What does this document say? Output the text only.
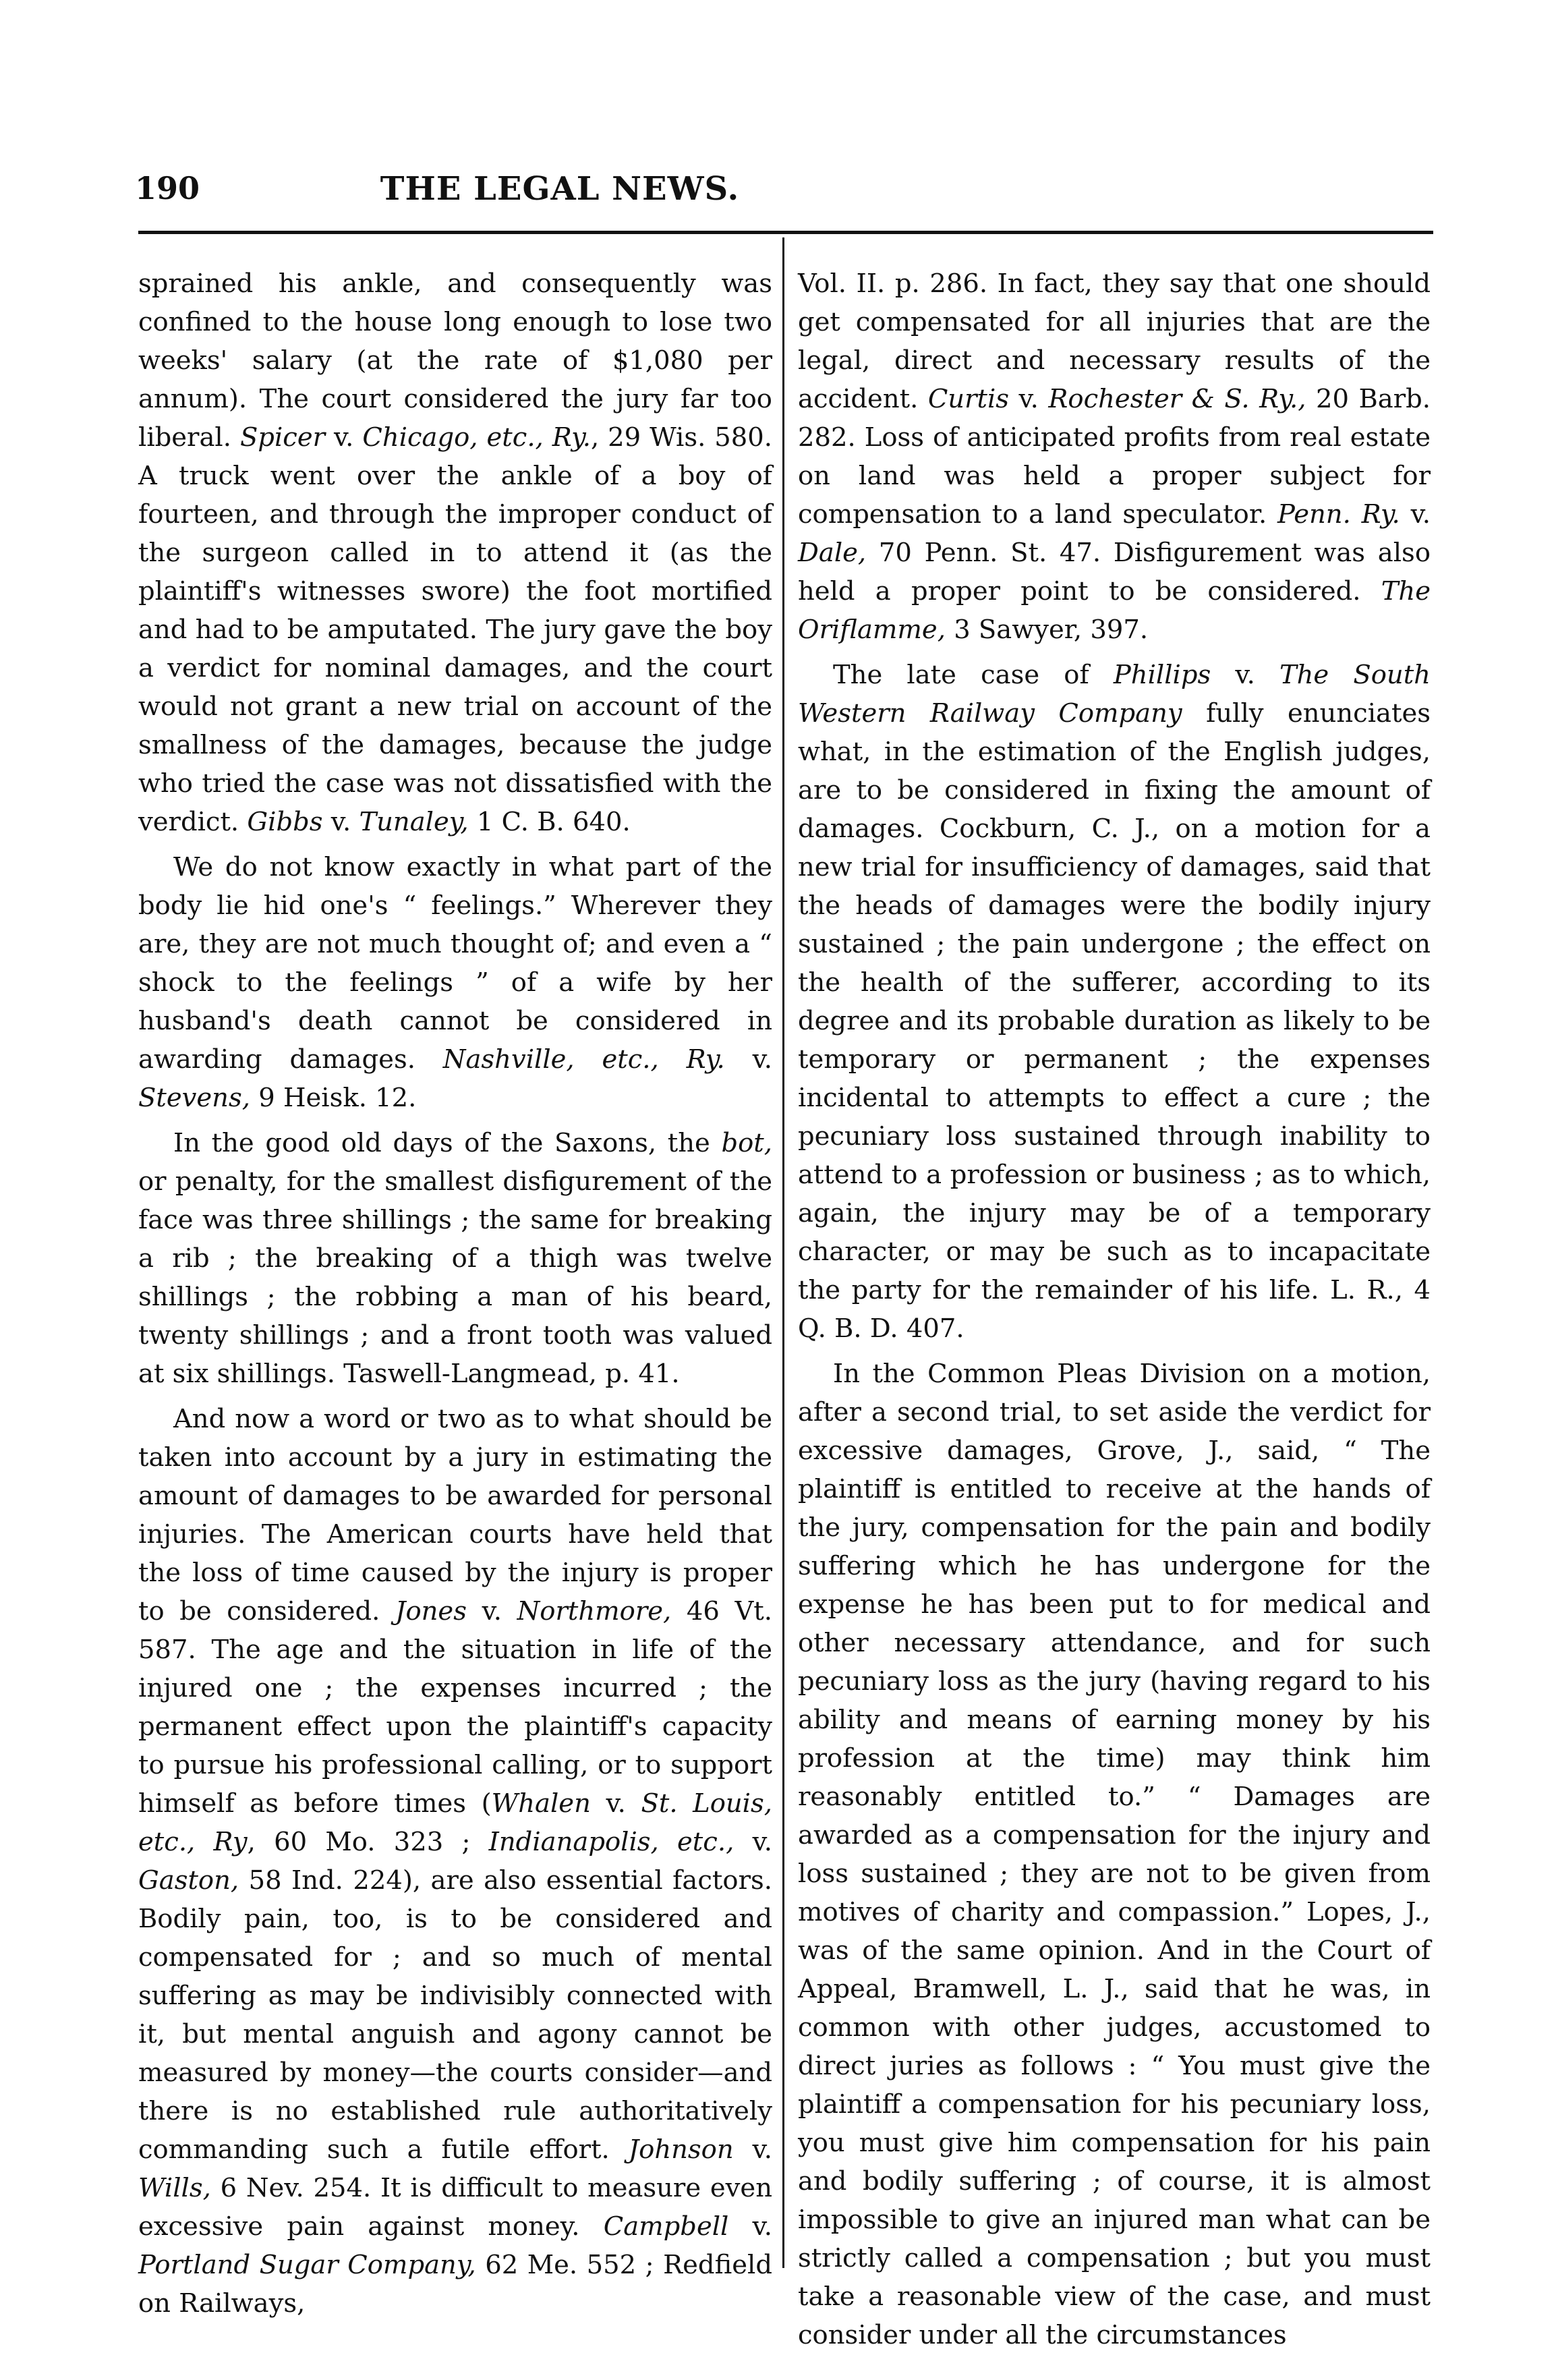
190	THE LEGAL NEWS.

sprained his ankle, and consequently was confined to the house long enough to lose two weeks' salary (at the rate of $1,080 per annum). The court considered the jury far too liberal. Spicer v. Chicago, etc., Ry., 29 Wis. 580. A truck went over the ankle of a boy of fourteen, and through the improper conduct of the surgeon called in to attend it (as the plaintiff's witnesses swore) the foot mortified and had to be amputated. The jury gave the boy a verdict for nominal damages, and the court would not grant a new trial on account of the smallness of the damages, because the judge who tried the case was not dissatisfied with the verdict. Gibbs v. Tunaley, 1 C. B. 640.

We do not know exactly in what part of the body lie hid one's “ feelings.” Wherever they are, they are not much thought of; and even a “ shock to the feelings ” of a wife by her husband's death cannot be considered in awarding damages. Nashville, etc., Ry. v. Stevens, 9 Heisk. 12.

In the good old days of the Saxons, the bot, or penalty, for the smallest disfigurement of the face was three shillings ; the same for breaking a rib ; the breaking of a thigh was twelve shillings ; the robbing a man of his beard, twenty shillings ; and a front tooth was valued at six shillings. Taswell-Langmead, p. 41.

And now a word or two as to what should be taken into account by a jury in estimating the amount of damages to be awarded for personal injuries. The American courts have held that the loss of time caused by the injury is proper to be considered. Jones v. Northmore, 46 Vt. 587. The age and the situation in life of the injured one ; the expenses incurred ; the permanent effect upon the plaintiff's capacity to pursue his professional calling, or to support himself as before times (Whalen v. St. Louis, etc., Ry, 60 Mo. 323 ; Indianapolis, etc., v. Gaston, 58 Ind. 224), are also essential factors. Bodily pain, too, is to be considered and compensated for ; and so much of mental suffering as may be indivisibly connected with it, but mental anguish and agony cannot be measured by money—the courts consider—and there is no established rule authoritatively commanding such a futile effort. Johnson v. Wills, 6 Nev. 254. It is difficult to measure even excessive pain against money. Campbell v. Portland Sugar Company, 62 Me. 552 ; Redfield on Railways,

Vol. II. p. 286. In fact, they say that one should get compensated for all injuries that are the legal, direct and necessary results of the accident. Curtis v. Rochester & S. Ry., 20 Barb. 282. Loss of anticipated profits from real estate on land was held a proper subject for compensation to a land speculator. Penn. Ry. v. Dale, 70 Penn. St. 47. Disfigurement was also held a proper point to be considered. The Oriflamme, 3 Sawyer, 397.

The late case of Phillips v. The South Western Railway Company fully enunciates what, in the estimation of the English judges, are to be considered in fixing the amount of damages. Cockburn, C. J., on a motion for a new trial for insufficiency of damages, said that the heads of damages were the bodily injury sustained ; the pain undergone ; the effect on the health of the sufferer, according to its degree and its probable duration as likely to be temporary or permanent ; the expenses incidental to attempts to effect a cure ; the pecuniary loss sustained through inability to attend to a profession or business ; as to which, again, the injury may be of a temporary character, or may be such as to incapacitate the party for the remainder of his life. L. R., 4 Q. B. D. 407.

In the Common Pleas Division on a motion, after a second trial, to set aside the verdict for excessive damages, Grove, J., said, “ The plaintiff is entitled to receive at the hands of the jury, compensation for the pain and bodily suffering which he has undergone for the expense he has been put to for medical and other necessary attendance, and for such pecuniary loss as the jury (having regard to his ability and means of earning money by his profession at the time) may think him reasonably entitled to.” “ Damages are awarded as a compensation for the injury and loss sustained ; they are not to be given from motives of charity and compassion.” Lopes, J., was of the same opinion. And in the Court of Appeal, Bramwell, L. J., said that he was, in common with other judges, accustomed to direct juries as follows : “ You must give the plaintiff a compensation for his pecuniary loss, you must give him compensation for his pain and bodily suffering ; of course, it is almost impossible to give an injured man what can be strictly called a compensation ; but you must take a reasonable view of the case, and must consider under all the circumstances
